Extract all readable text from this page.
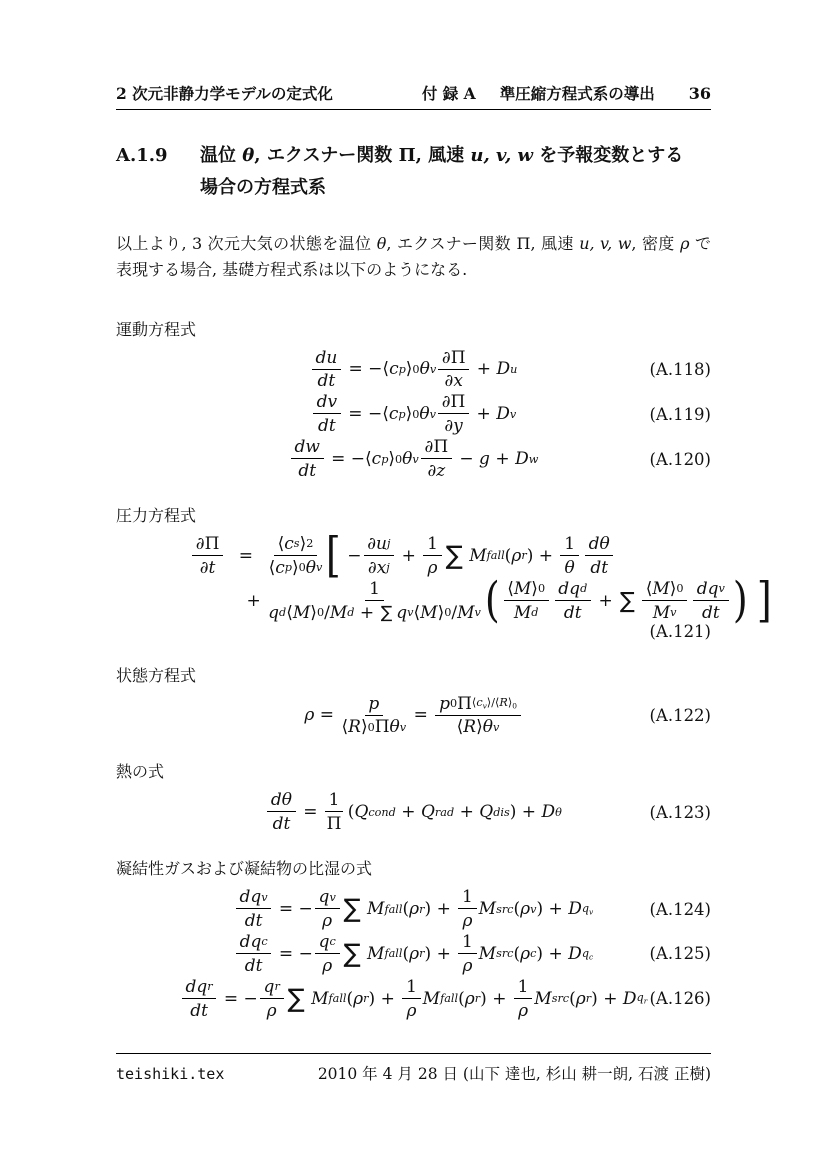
2 次元非静力学モデルの定式化	付 録 A 準圧縮方程式系の導出 36
A.1.9	温位 θ, エクスナー関数 Π, 風速 u, v, w を予報変数とする
場合の方程式系
以上より, 3 次元大気の状態を温位 θ, エクスナー関数 Π, 風速 u, v, w, 密度 ρ で表現する場合, 基礎方程式系は以下のようになる.
運動方程式
$\frac{du}{dt}$ = − ⟨ c p ⟩ 0 θ v $\frac{\partial \Pi}{\partial x} + D$ u	(A.118)
$\frac{dv}{dt}$ = − ⟨ c p ⟩ 0 θ v $\frac{\partial \Pi}{\partial y} + D$ v	(A.119)
$\frac{dw}{dt}$ = − ⟨ c p ⟩ 0 θ v $\frac{\partial \Pi}{\partial z} - g + D$ w	(A.120)
圧力方程式
$\frac{\partial \Pi}{\partial t} = \frac{\text{⟨ c s ⟩ 2}}{\text{⟨ c p ⟩ 0 θ v}}$ [ − $\frac{\text{∂u j}}{\text{∂x j}} + \frac{1}{\rho}$ ∑ M fall ( ρ r ) + $\frac{1}{\theta} \frac{d\theta}{dt}$
+ $\frac{1}{\text{q d ⟨ M ⟩ 0 / M d + ∑ q v ⟨ M ⟩ 0 / M v}}$ ( $\frac{⟨ M ⟩ 0}{\text{M d}} \frac{\text{dq d}}{dt}$ + ∑ $\frac{⟨ M ⟩ 0}{\text{M v}} \frac{\text{dq v}}{dt}$ ) ]
(A.121)
状態方程式
$\rho = \frac{p}{\text{⟨ R ⟩ 0 Π θ v}} = \frac{p 0 \Pi ⟨c_v⟩/⟨R⟩_0}{\text{⟨ R ⟩ θ v}}$	(A.122)
熱の式
$\frac{d\theta}{dt} = \frac{1}{\Pi}$ ( Q cond + Q rad + Q dis ) + D θ	(A.123)
凝結性ガスおよび凝結物の比湿の式
$\frac{\text{dq v}}{dt}$ = − $\frac{\text{q v}}{\rho}$ ∑ M fall ( ρ r ) + $\frac{1}{\rho}$ M src ( ρ v ) + D $q_v$	(A.124)
$\frac{\text{dq c}}{dt}$ = − $\frac{\text{q c}}{\rho}$ ∑ M fall ( ρ r ) + $\frac{1}{\rho}$ M src ( ρ c ) + D $q_c$	(A.125)
$\frac{\text{dq r}}{dt}$ = − $\frac{\text{q r}}{\rho}$ ∑ M fall ( ρ r ) + $\frac{1}{\rho}$ M fall ( ρ r ) + $\frac{1}{\rho}$ M src ( ρ r ) + D $q_r$ (A.126)
teishiki.tex	2010 年 4 月 28 日 (山下 達也, 杉山 耕一朗, 石渡 正樹)
